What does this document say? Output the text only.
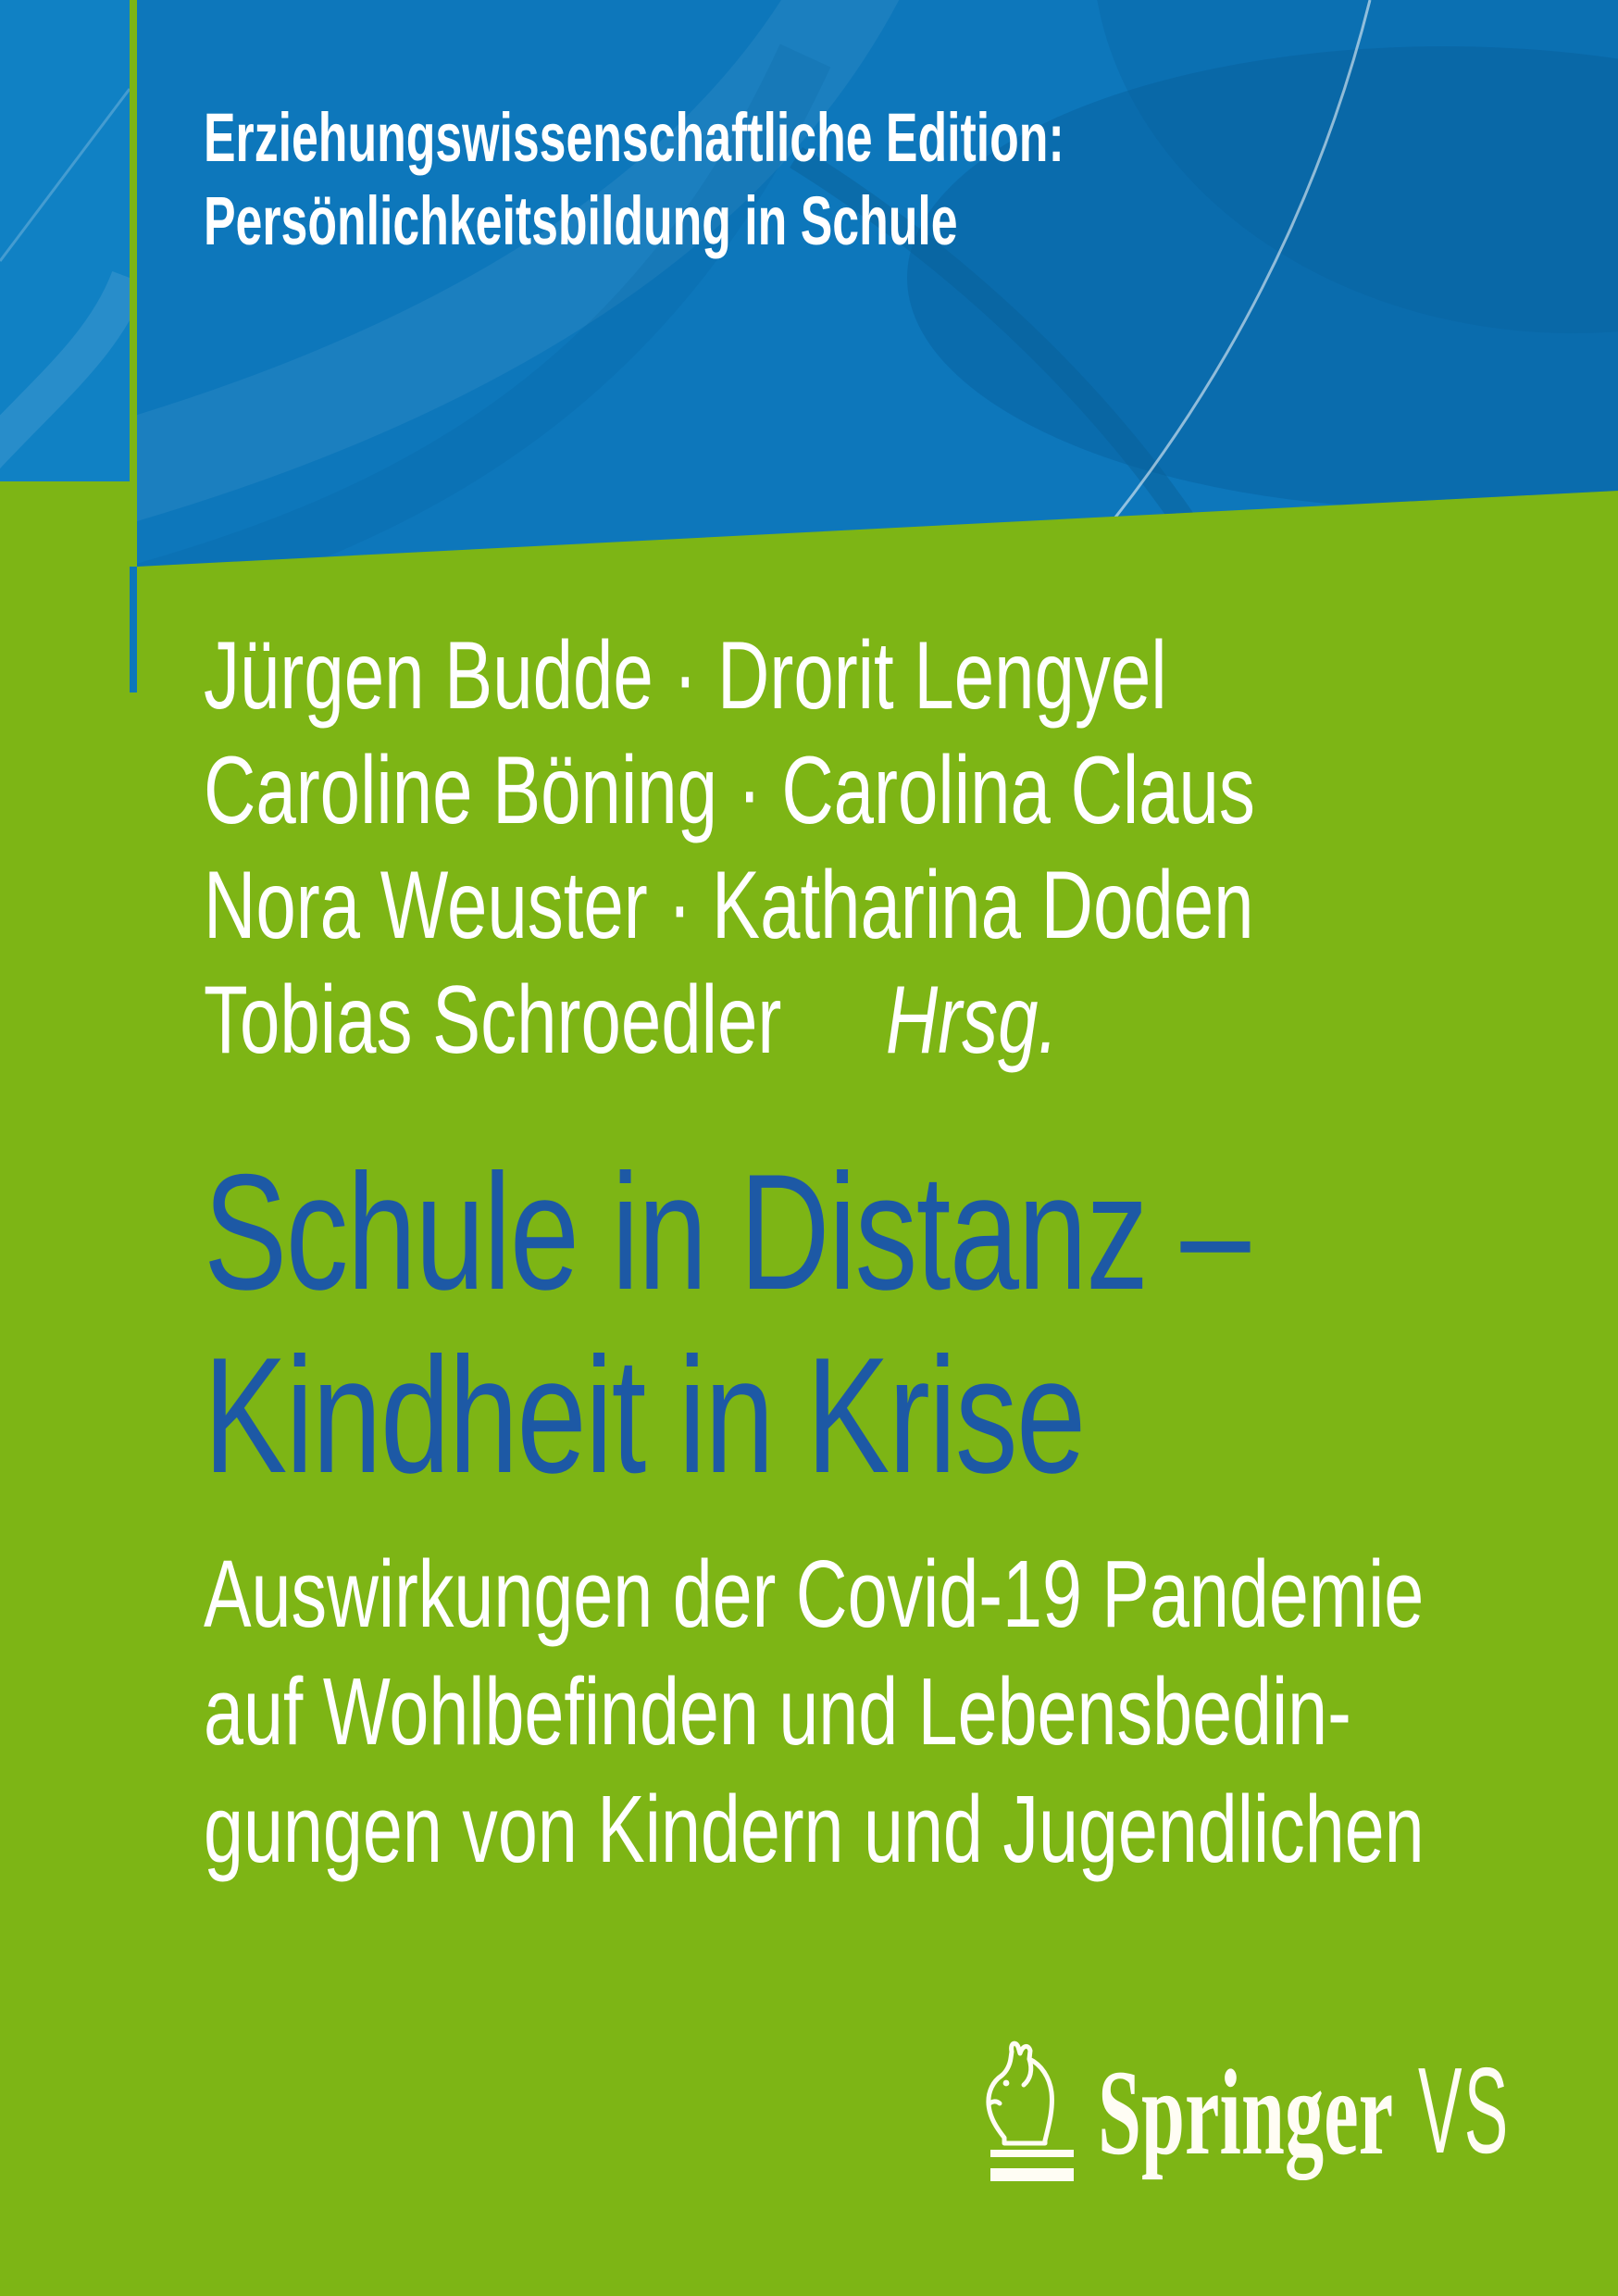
Erziehungswissenschaftliche Edition:
Persönlichkeitsbildung in Schule
Jürgen Budde · Drorit Lengyel
Caroline Böning · Carolina Claus
Nora Weuster · Katharina Doden
Tobias Schroedler Hrsg.
Schule in Distanz –
Kindheit in Krise
Auswirkungen der Covid-19 Pandemie
auf Wohlbefinden und Lebensbedin-
gungen von Kindern und Jugendlichen
Springer VS
